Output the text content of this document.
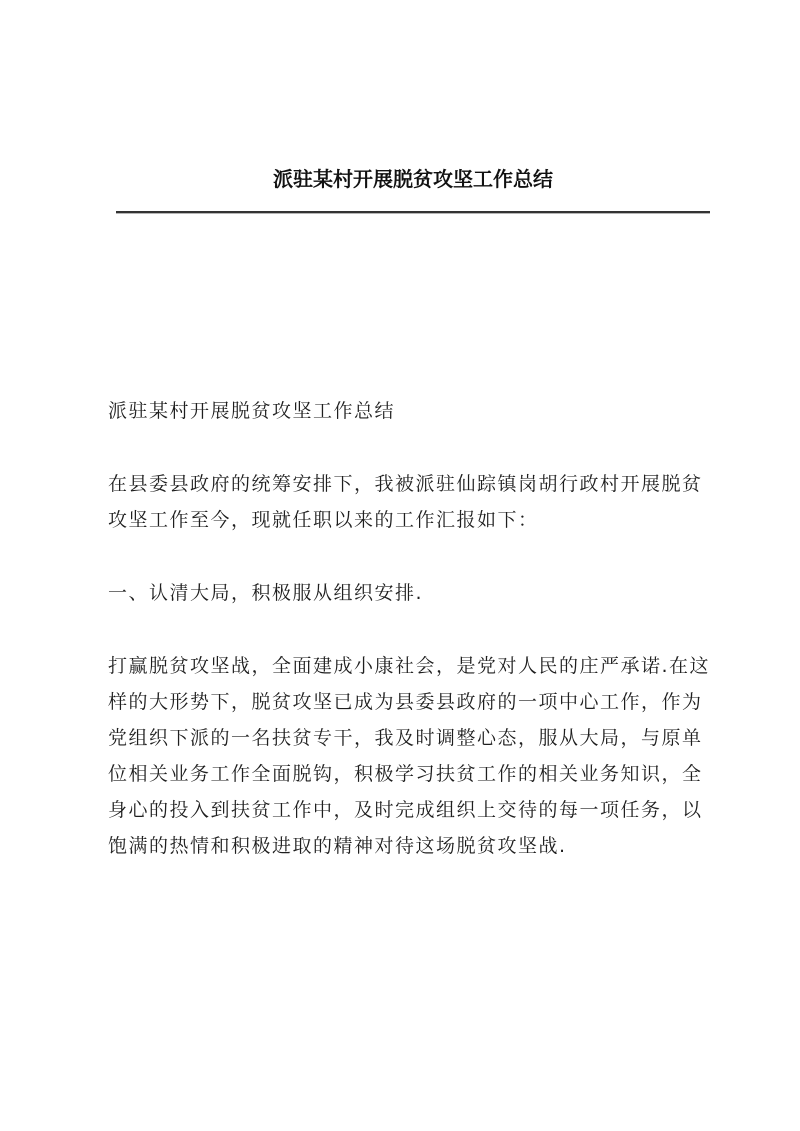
派驻某村开展脱贫攻坚工作总结

派驻某村开展脱贫攻坚工作总结

在县委县政府的统筹安排下，我被派驻仙踪镇岗胡行政村开展脱贫攻坚工作至今，现就任职以来的工作汇报如下：

一、认清大局，积极服从组织安排.

打赢脱贫攻坚战，全面建成小康社会，是党对人民的庄严承诺.在这样的大形势下，脱贫攻坚已成为县委县政府的一项中心工作，作为党组织下派的一名扶贫专干，我及时调整心态，服从大局，与原单位相关业务工作全面脱钩，积极学习扶贫工作的相关业务知识，全身心的投入到扶贫工作中，及时完成组织上交待的每一项任务，以饱满的热情和积极进取的精神对待这场脱贫攻坚战.
